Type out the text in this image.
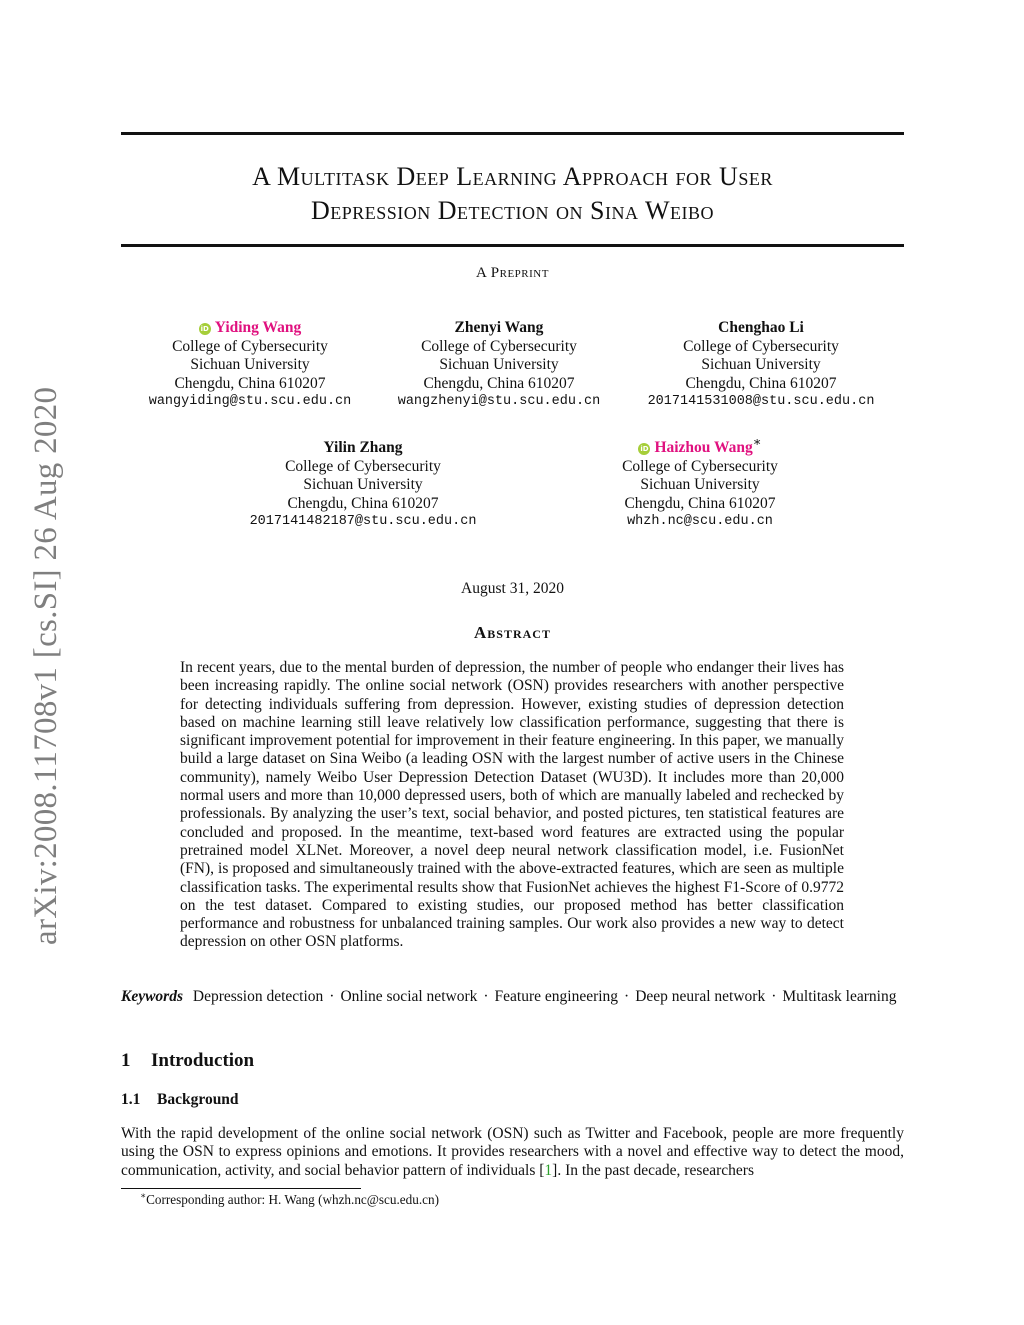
arXiv:2008.11708v1 [cs.SI] 26 Aug 2020
A Multitask Deep Learning Approach for User
Depression Detection on Sina Weibo
A Preprint
iD Yiding Wang
College of Cybersecurity
Sichuan University
Chengdu, China 610207
wangyiding@stu.scu.edu.cn
Zhenyi Wang
College of Cybersecurity
Sichuan University
Chengdu, China 610207
wangzhenyi@stu.scu.edu.cn
Chenghao Li
College of Cybersecurity
Sichuan University
Chengdu, China 610207
2017141531008@stu.scu.edu.cn
Yilin Zhang
College of Cybersecurity
Sichuan University
Chengdu, China 610207
2017141482187@stu.scu.edu.cn
iD Haizhou Wang∗
College of Cybersecurity
Sichuan University
Chengdu, China 610207
whzh.nc@scu.edu.cn
August 31, 2020
Abstract

In recent years, due to the mental burden of depression, the number of people who endanger their lives has been increasing rapidly. The online social network (OSN) provides researchers with another perspective for detecting individuals suffering from depression. However, existing studies of depression detection based on machine learning still leave relatively low classification performance, suggesting that there is significant improvement potential for improvement in their feature engineering. In this paper, we manually build a large dataset on Sina Weibo (a leading OSN with the largest number of active users in the Chinese community), namely Weibo User Depression Detection Dataset (WU3D). It includes more than 20,000 normal users and more than 10,000 depressed users, both of which are manually labeled and rechecked by professionals. By analyzing the user’s text, social behavior, and posted pictures, ten statistical features are concluded and proposed. In the meantime, text-based word features are extracted using the popular pretrained model XLNet. Moreover, a novel deep neural network classification model, i.e. FusionNet (FN), is proposed and simultaneously trained with the above-extracted features, which are seen as multiple classification tasks. The experimental results show that FusionNet achieves the highest F1-Score of 0.9772 on the test dataset. Compared to existing studies, our proposed method has better classification performance and robustness for unbalanced training samples. Our work also provides a new way to detect depression on other OSN platforms.

Keywords Depression detection · Online social network · Feature engineering · Deep neural network · Multitask learning

1 Introduction
1.1 Background

With the rapid development of the online social network (OSN) such as Twitter and Facebook, people are more frequently using the OSN to express opinions and emotions. It provides researchers with a novel and effective way to detect the mood, communication, activity, and social behavior pattern of individuals [1]. In the past decade, researchers

∗Corresponding author: H. Wang (whzh.nc@scu.edu.cn)
